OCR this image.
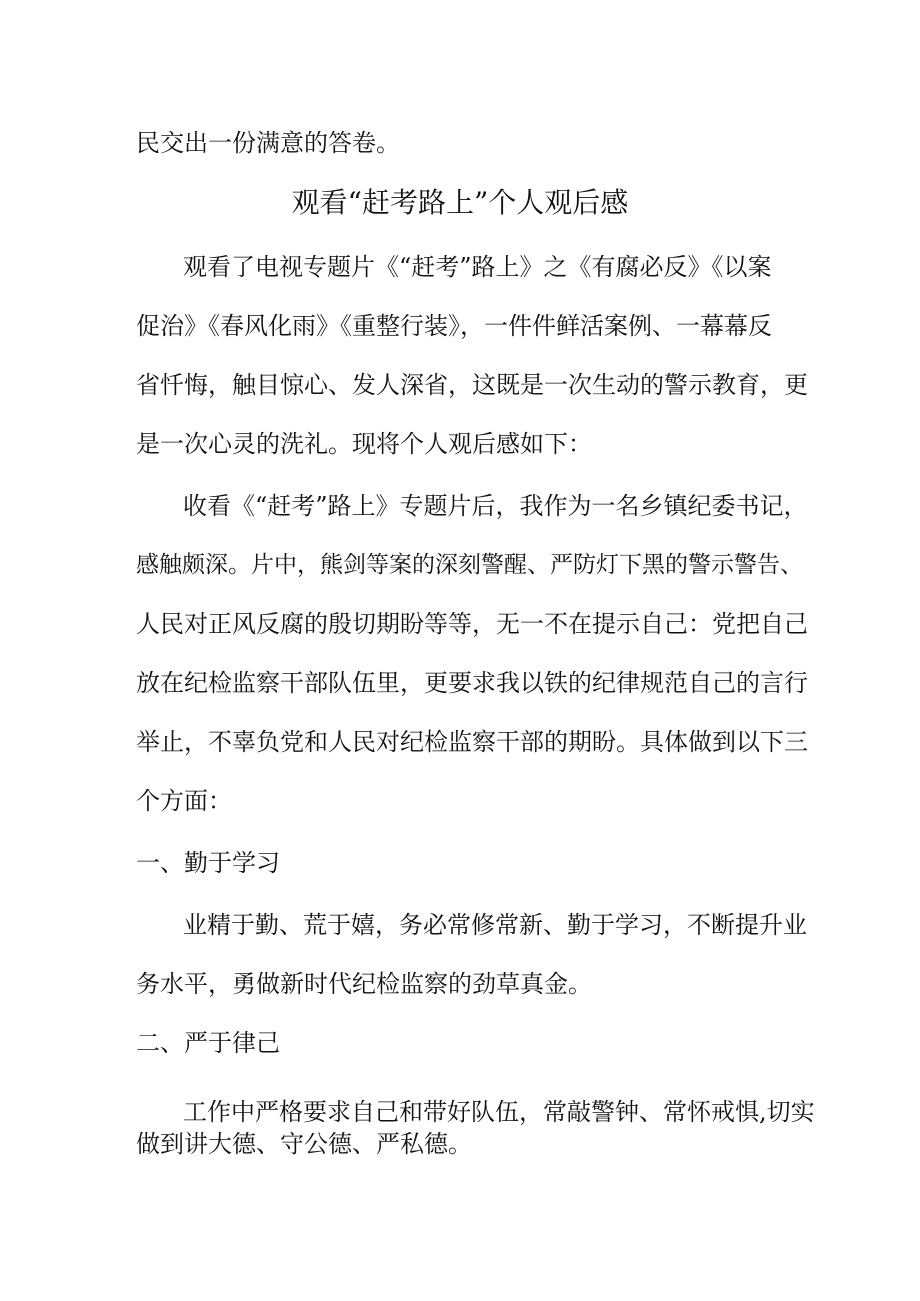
民交出一份满意的答卷。
观看“赶考路上”个人观后感
观看了电视专题片《“赶考”路上》之《有腐必反》《以案
促治》《春风化雨》《重整行装》，一件件鲜活案例、一幕幕反
省忏悔，触目惊心、发人深省，这既是一次生动的警示教育，更
是一次心灵的洗礼。现将个人观后感如下：
收看《“赶考”路上》专题片后，我作为一名乡镇纪委书记，
感触颇深。片中，熊剑等案的深刻警醒、严防灯下黑的警示警告、
人民对正风反腐的殷切期盼等等，无一不在提示自己：党把自己
放在纪检监察干部队伍里，更要求我以铁的纪律规范自己的言行
举止，不辜负党和人民对纪检监察干部的期盼。具体做到以下三
个方面：
一、勤于学习
业精于勤、荒于嬉，务必常修常新、勤于学习，不断提升业
务水平，勇做新时代纪检监察的劲草真金。
二、严于律己
工作中严格要求自己和带好队伍，常敲警钟、常怀戒惧,切实
做到讲大德、守公德、严私德。
